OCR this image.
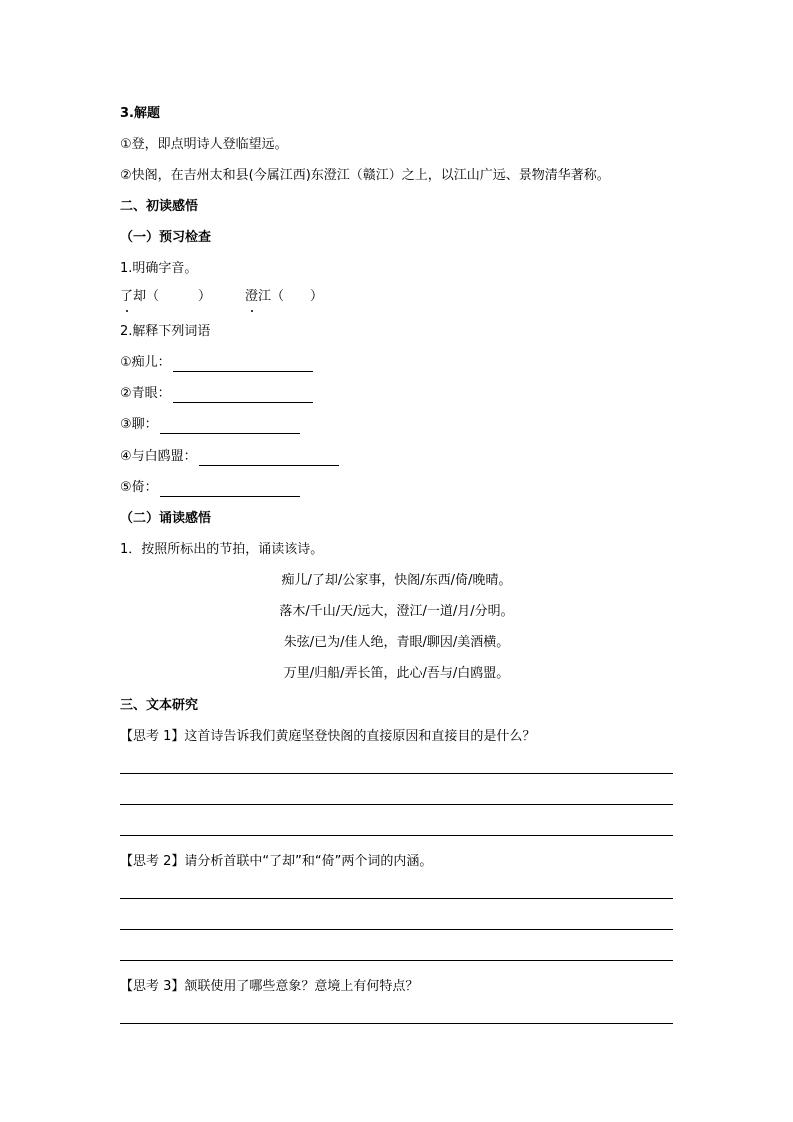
3.解题
①登，即点明诗人登临望远。
②快阁，在吉州太和县(今属江西)东澄江（赣江）之上，以江山广远、景物清华著称。
二、初读感悟
（一）预习检查
1.明确字音。
了却（　　　）	澄江（　　）
2.解释下列词语
①痴儿：
②青眼：
③聊：
④与白鸥盟：
⑤倚：
（二）诵读感悟
1．按照所标出的节拍，诵读该诗。
痴儿/了却/公家事，快阁/东西/倚/晚晴。
落木/千山/天/远大，澄江/一道/月/分明。
朱弦/已为/佳人绝，青眼/聊因/美酒横。
万里/归船/弄长笛，此心/吾与/白鸥盟。
三、文本研究
【思考 1】这首诗告诉我们黄庭坚登快阁的直接原因和直接目的是什么？
【思考 2】请分析首联中“了却”和“倚”两个词的内涵。
【思考 3】颔联使用了哪些意象？意境上有何特点？
